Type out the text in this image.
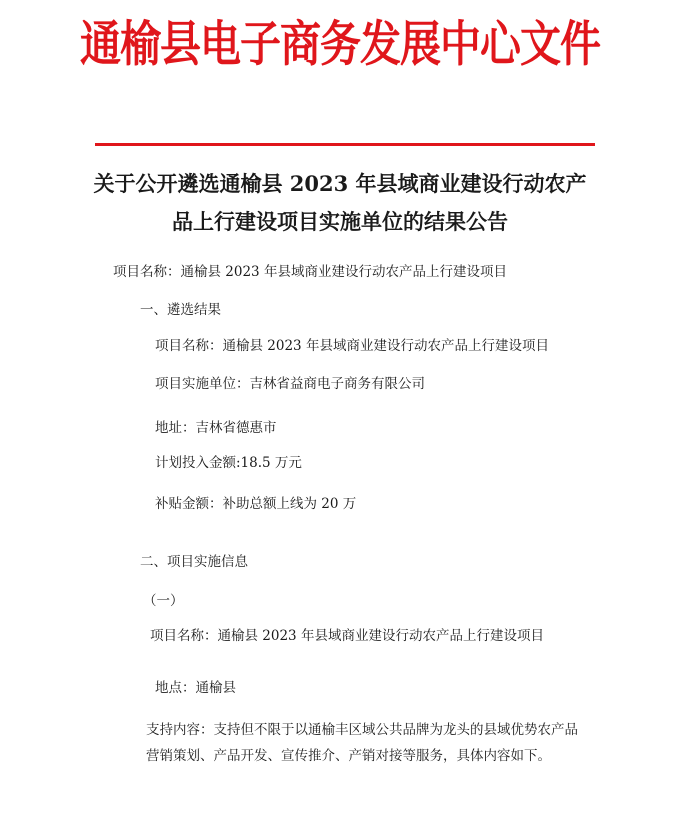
通榆县电子商务发展中心文件
关于公开遴选通榆县 2023 年县域商业建设行动农产
品上行建设项目实施单位的结果公告
项目名称：通榆县 2023 年县域商业建设行动农产品上行建设项目
一、遴选结果
项目名称：通榆县 2023 年县域商业建设行动农产品上行建设项目
项目实施单位：吉林省益商电子商务有限公司
地址：吉林省德惠市
计划投入金额:18.5 万元
补贴金额：补助总额上线为 20 万
二、项目实施信息
（一）
项目名称：通榆县 2023 年县域商业建设行动农产品上行建设项目
地点：通榆县
支持内容：支持但不限于以通榆丰区域公共品牌为龙头的县域优势农产品
营销策划、产品开发、宣传推介、产销对接等服务，具体内容如下。
